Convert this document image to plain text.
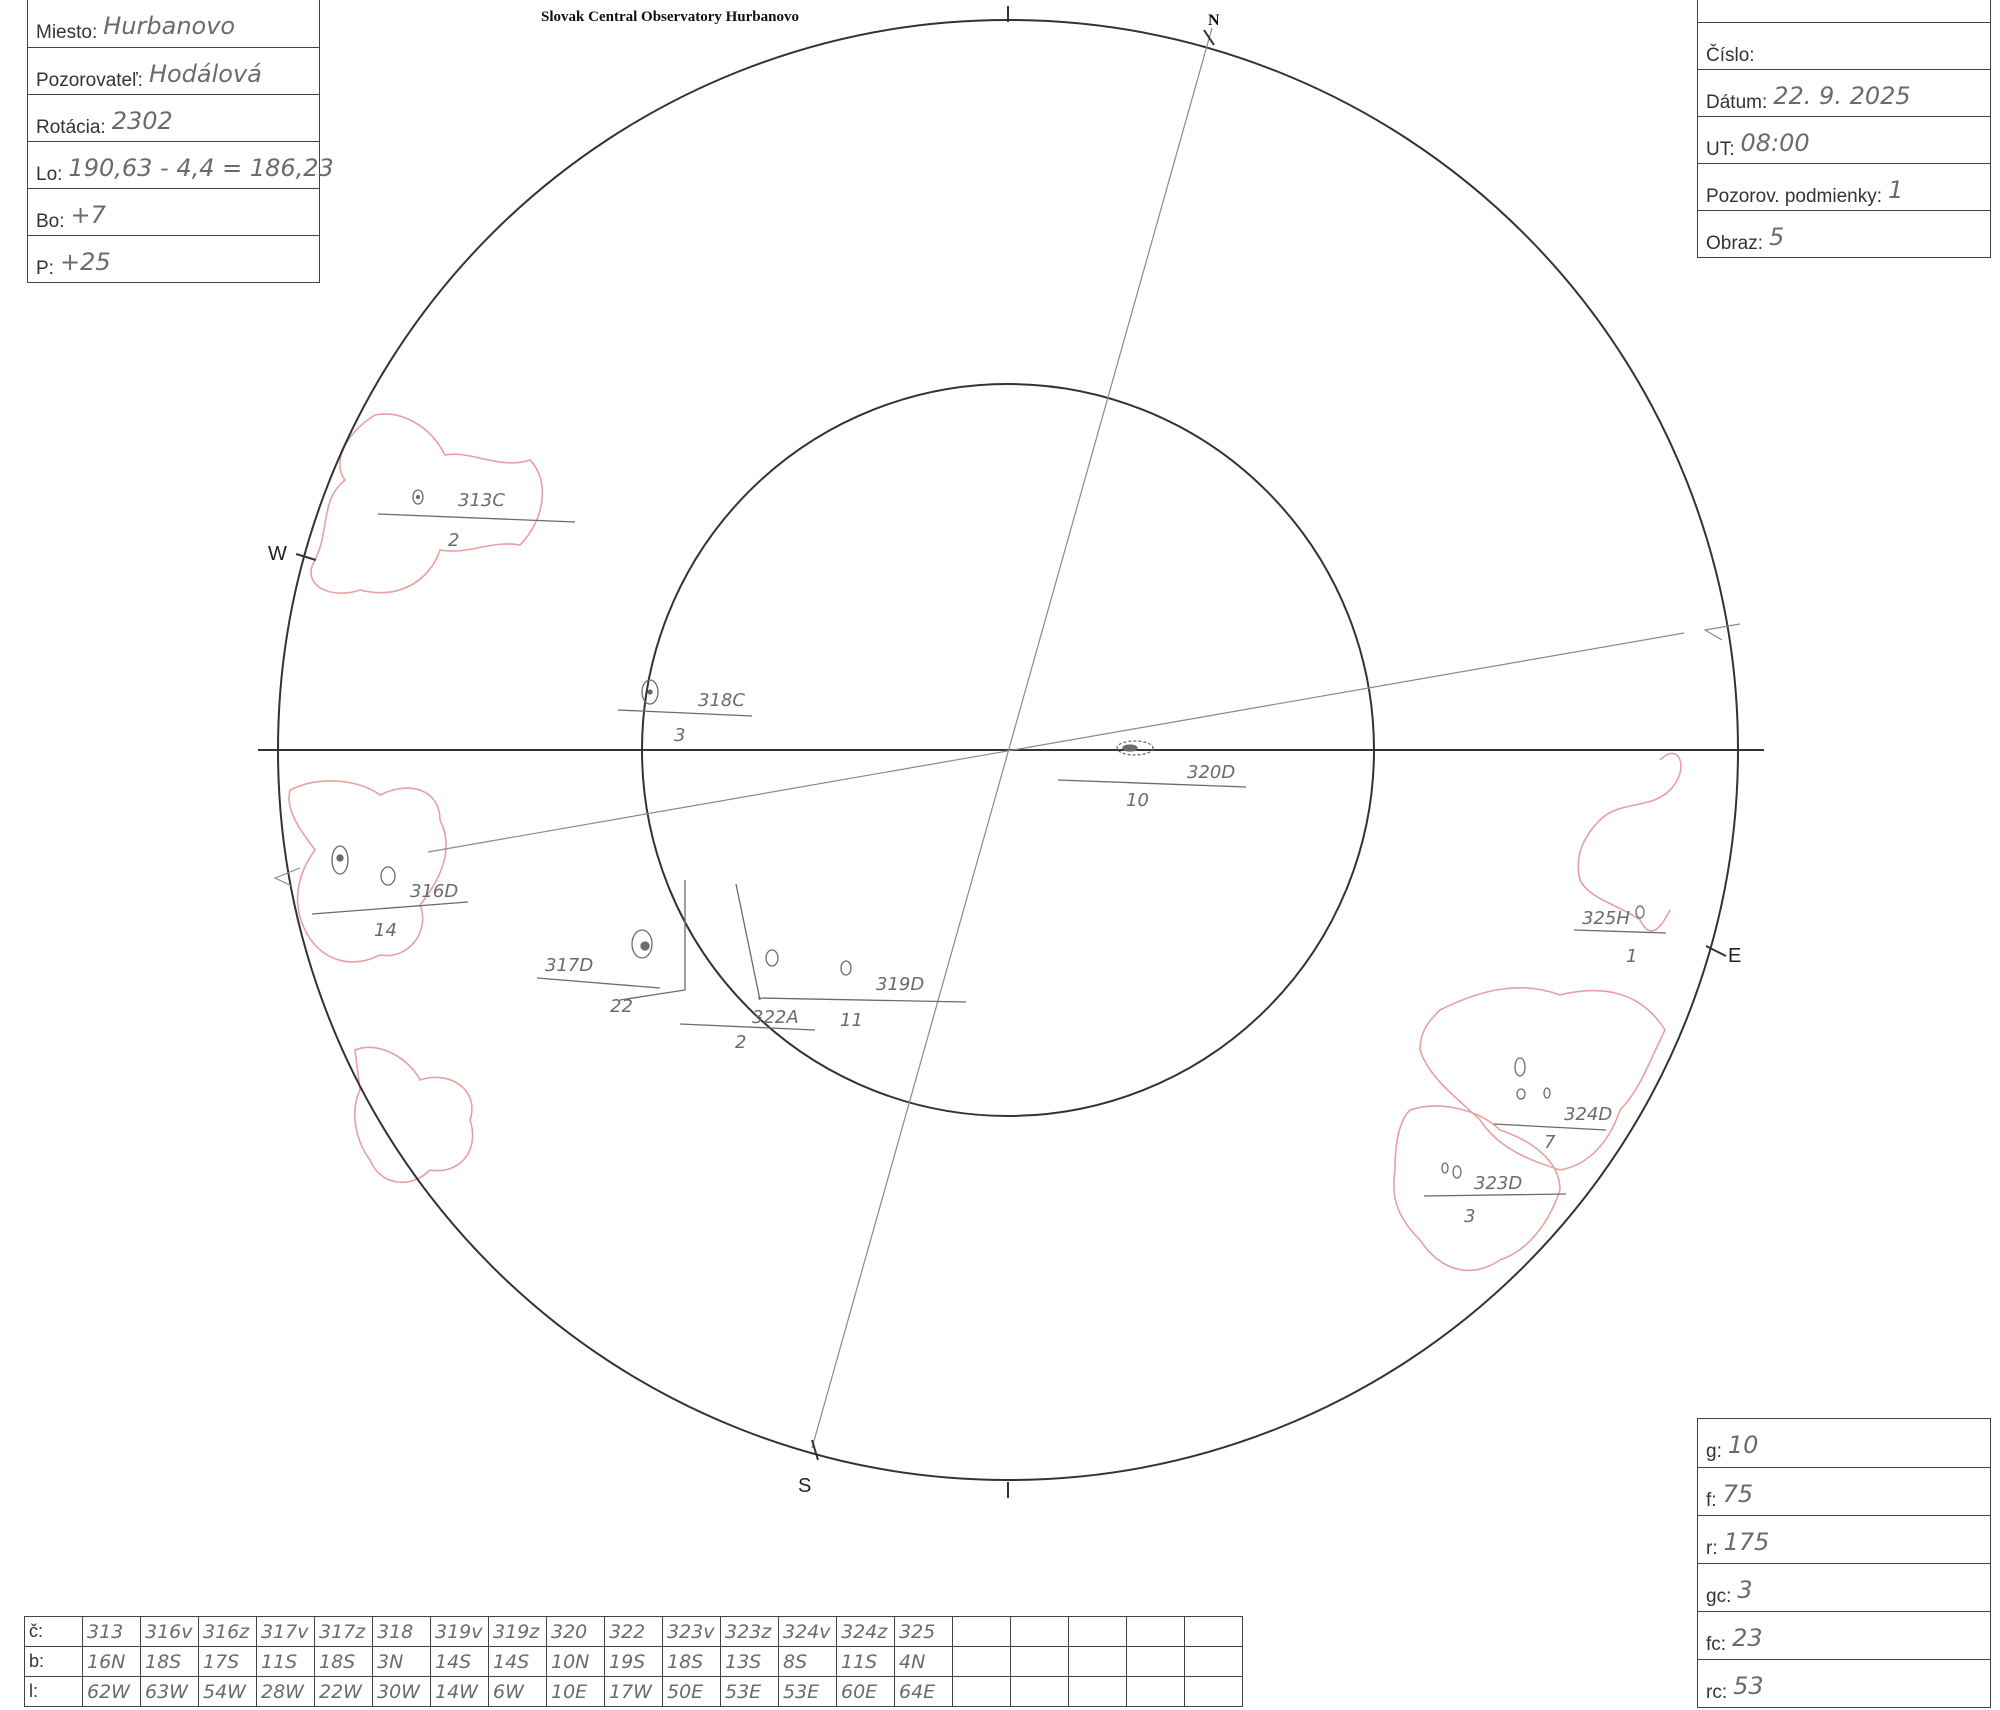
Slovak Central Observatory Hurbanovo
Miesto: Hurbanovo
Pozorovateľ: Hodálová
Rotácia: 2302
Lo: 190,63 - 4,4 = 186,23
Bo: +7
P: +25
Číslo:
Dátum: 22. 9. 2025
UT: 08:00
Pozorov. podmienky: 1
Obraz: 5
N
S
W
E
313C
2
318C
3
320D
10
316D
14
317D
22
322A
2
319D
11
325H
1
324D
7
323D
3
g: 10
f: 75
r: 175
gc: 3
fc: 23
rc: 53
č:	313	316v	316z	317v	317z	318	319v	319z	320	322	323v	323z	324v	324z	325					
b:	16N	18S	17S	11S	18S	3N	14S	14S	10N	19S	18S	13S	8S	11S	4N					
l:	62W	63W	54W	28W	22W	30W	14W	6W	10E	17W	50E	53E	53E	60E	64E					
